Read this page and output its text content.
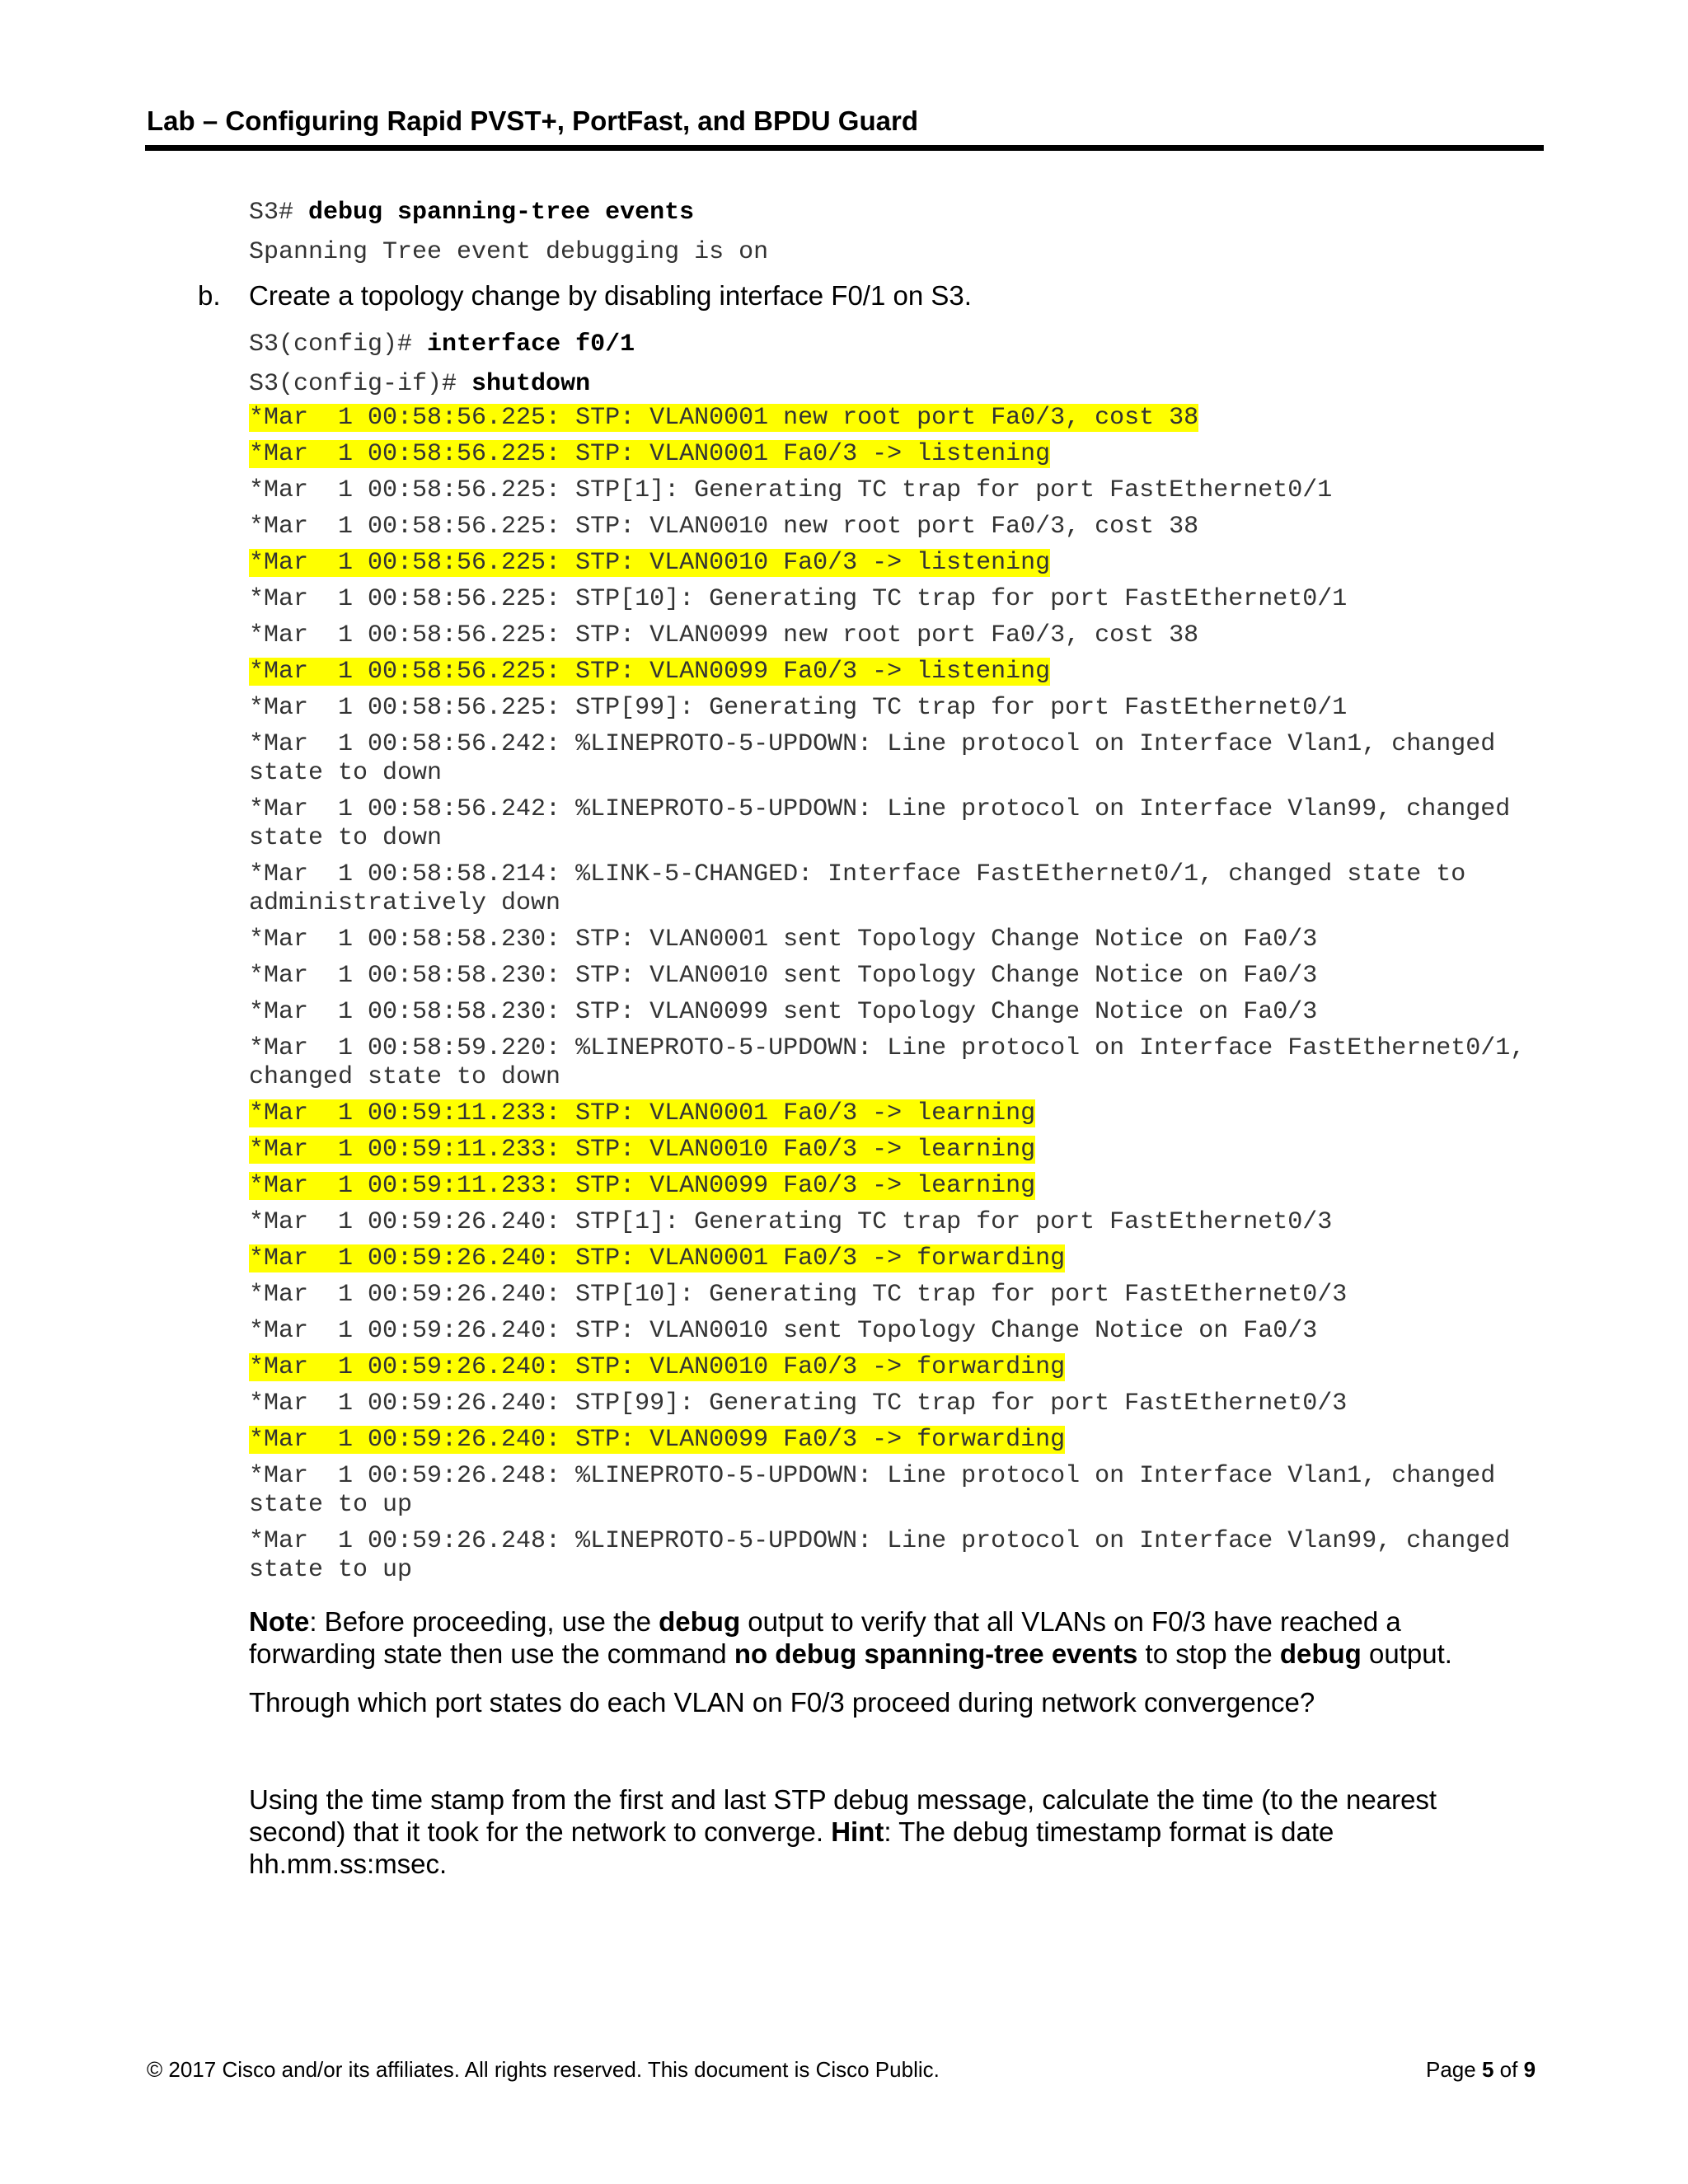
Lab – Configuring Rapid PVST+, PortFast, and BPDU Guard
S3# debug spanning-tree events
Spanning Tree event debugging is on
b. Create a topology change by disabling interface F0/1 on S3.
S3(config)# interface f0/1
S3(config-if)# shutdown
*Mar  1 00:58:56.225: STP: VLAN0001 new root port Fa0/3, cost 38
*Mar  1 00:58:56.225: STP: VLAN0001 Fa0/3 -> listening
*Mar  1 00:58:56.225: STP[1]: Generating TC trap for port FastEthernet0/1
*Mar  1 00:58:56.225: STP: VLAN0010 new root port Fa0/3, cost 38
*Mar  1 00:58:56.225: STP: VLAN0010 Fa0/3 -> listening
*Mar  1 00:58:56.225: STP[10]: Generating TC trap for port FastEthernet0/1
*Mar  1 00:58:56.225: STP: VLAN0099 new root port Fa0/3, cost 38
*Mar  1 00:58:56.225: STP: VLAN0099 Fa0/3 -> listening
*Mar  1 00:58:56.225: STP[99]: Generating TC trap for port FastEthernet0/1
*Mar  1 00:58:56.242: %LINEPROTO-5-UPDOWN: Line protocol on Interface Vlan1, changed state to down
*Mar  1 00:58:56.242: %LINEPROTO-5-UPDOWN: Line protocol on Interface Vlan99, changed state to down
*Mar  1 00:58:58.214: %LINK-5-CHANGED: Interface FastEthernet0/1, changed state to administratively down
*Mar  1 00:58:58.230: STP: VLAN0001 sent Topology Change Notice on Fa0/3
*Mar  1 00:58:58.230: STP: VLAN0010 sent Topology Change Notice on Fa0/3
*Mar  1 00:58:58.230: STP: VLAN0099 sent Topology Change Notice on Fa0/3
*Mar  1 00:58:59.220: %LINEPROTO-5-UPDOWN: Line protocol on Interface FastEthernet0/1, changed state to down
*Mar  1 00:59:11.233: STP: VLAN0001 Fa0/3 -> learning
*Mar  1 00:59:11.233: STP: VLAN0010 Fa0/3 -> learning
*Mar  1 00:59:11.233: STP: VLAN0099 Fa0/3 -> learning
*Mar  1 00:59:26.240: STP[1]: Generating TC trap for port FastEthernet0/3
*Mar  1 00:59:26.240: STP: VLAN0001 Fa0/3 -> forwarding
*Mar  1 00:59:26.240: STP[10]: Generating TC trap for port FastEthernet0/3
*Mar  1 00:59:26.240: STP: VLAN0010 sent Topology Change Notice on Fa0/3
*Mar  1 00:59:26.240: STP: VLAN0010 Fa0/3 -> forwarding
*Mar  1 00:59:26.240: STP[99]: Generating TC trap for port FastEthernet0/3
*Mar  1 00:59:26.240: STP: VLAN0099 Fa0/3 -> forwarding
*Mar  1 00:59:26.248: %LINEPROTO-5-UPDOWN: Line protocol on Interface Vlan1, changed state to up
*Mar  1 00:59:26.248: %LINEPROTO-5-UPDOWN: Line protocol on Interface Vlan99, changed state to up
Note: Before proceeding, use the debug output to verify that all VLANs on F0/3 have reached a forwarding state then use the command no debug spanning-tree events to stop the debug output.
Through which port states do each VLAN on F0/3 proceed during network convergence?
Using the time stamp from the first and last STP debug message, calculate the time (to the nearest second) that it took for the network to converge. Hint: The debug timestamp format is date hh.mm.ss:msec.
© 2017 Cisco and/or its affiliates. All rights reserved. This document is Cisco Public.	Page 5 of 9
